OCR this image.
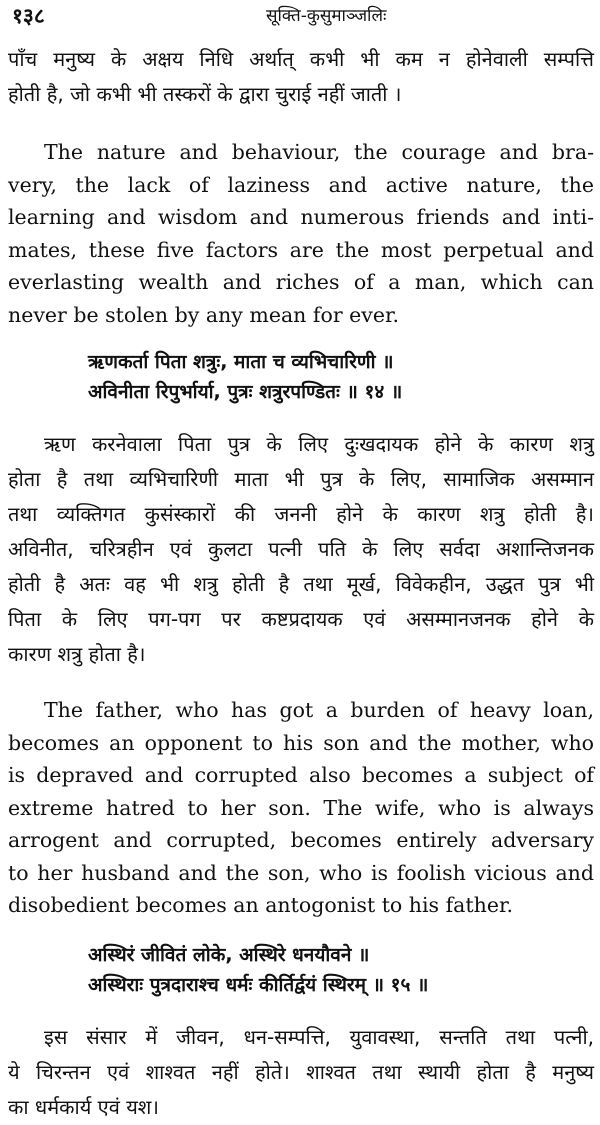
१३८	सूक्ति-कुसुमाञ्जलिः
पाँच मनुष्य के अक्षय निधि अर्थात् कभी भी कम न होनेवाली सम्पत्ति
होती है, जो कभी भी तस्करों के द्वारा चुराई नहीं जाती ।
The nature and behaviour, the courage and bra-
very, the lack of laziness and active nature, the
learning and wisdom and numerous friends and inti-
mates, these five factors are the most perpetual and
everlasting wealth and riches of a man, which can
never be stolen by any mean for ever.
ऋणकर्ता पिता शत्रुः, माता च व्यभिचारिणी ॥
अविनीता रिपुर्भार्या, पुत्रः शत्रुरपण्डितः ॥ १४ ॥
ऋण करनेवाला पिता पुत्र के लिए दुःखदायक होने के कारण शत्रु
होता है तथा व्यभिचारिणी माता भी पुत्र के लिए, सामाजिक असम्मान
तथा व्यक्तिगत कुसंस्कारों की जननी होने के कारण शत्रु होती है।
अविनीत, चरित्रहीन एवं कुलटा पत्नी पति के लिए सर्वदा अशान्तिजनक
होती है अतः वह भी शत्रु होती है तथा मूर्ख, विवेकहीन, उद्धत पुत्र भी
पिता के लिए पग-पग पर कष्टप्रदायक एवं असम्मानजनक होने के
कारण शत्रु होता है।
The father, who has got a burden of heavy loan,
becomes an opponent to his son and the mother, who
is depraved and corrupted also becomes a subject of
extreme hatred to her son. The wife, who is always
arrogent and corrupted, becomes entirely adversary
to her husband and the son, who is foolish vicious and
disobedient becomes an antogonist to his father.
अस्थिरं जीवितं लोके, अस्थिरे धनयौवने ॥
अस्थिराः पुत्रदाराश्च धर्मः कीर्तिर्द्वयं स्थिरम् ॥ १५ ॥
इस संसार में जीवन, धन-सम्पत्ति, युवावस्था, सन्तति तथा पत्नी,
ये चिरन्तन एवं शाश्वत नहीं होते। शाश्वत तथा स्थायी होता है मनुष्य
का धर्मकार्य एवं यश।
